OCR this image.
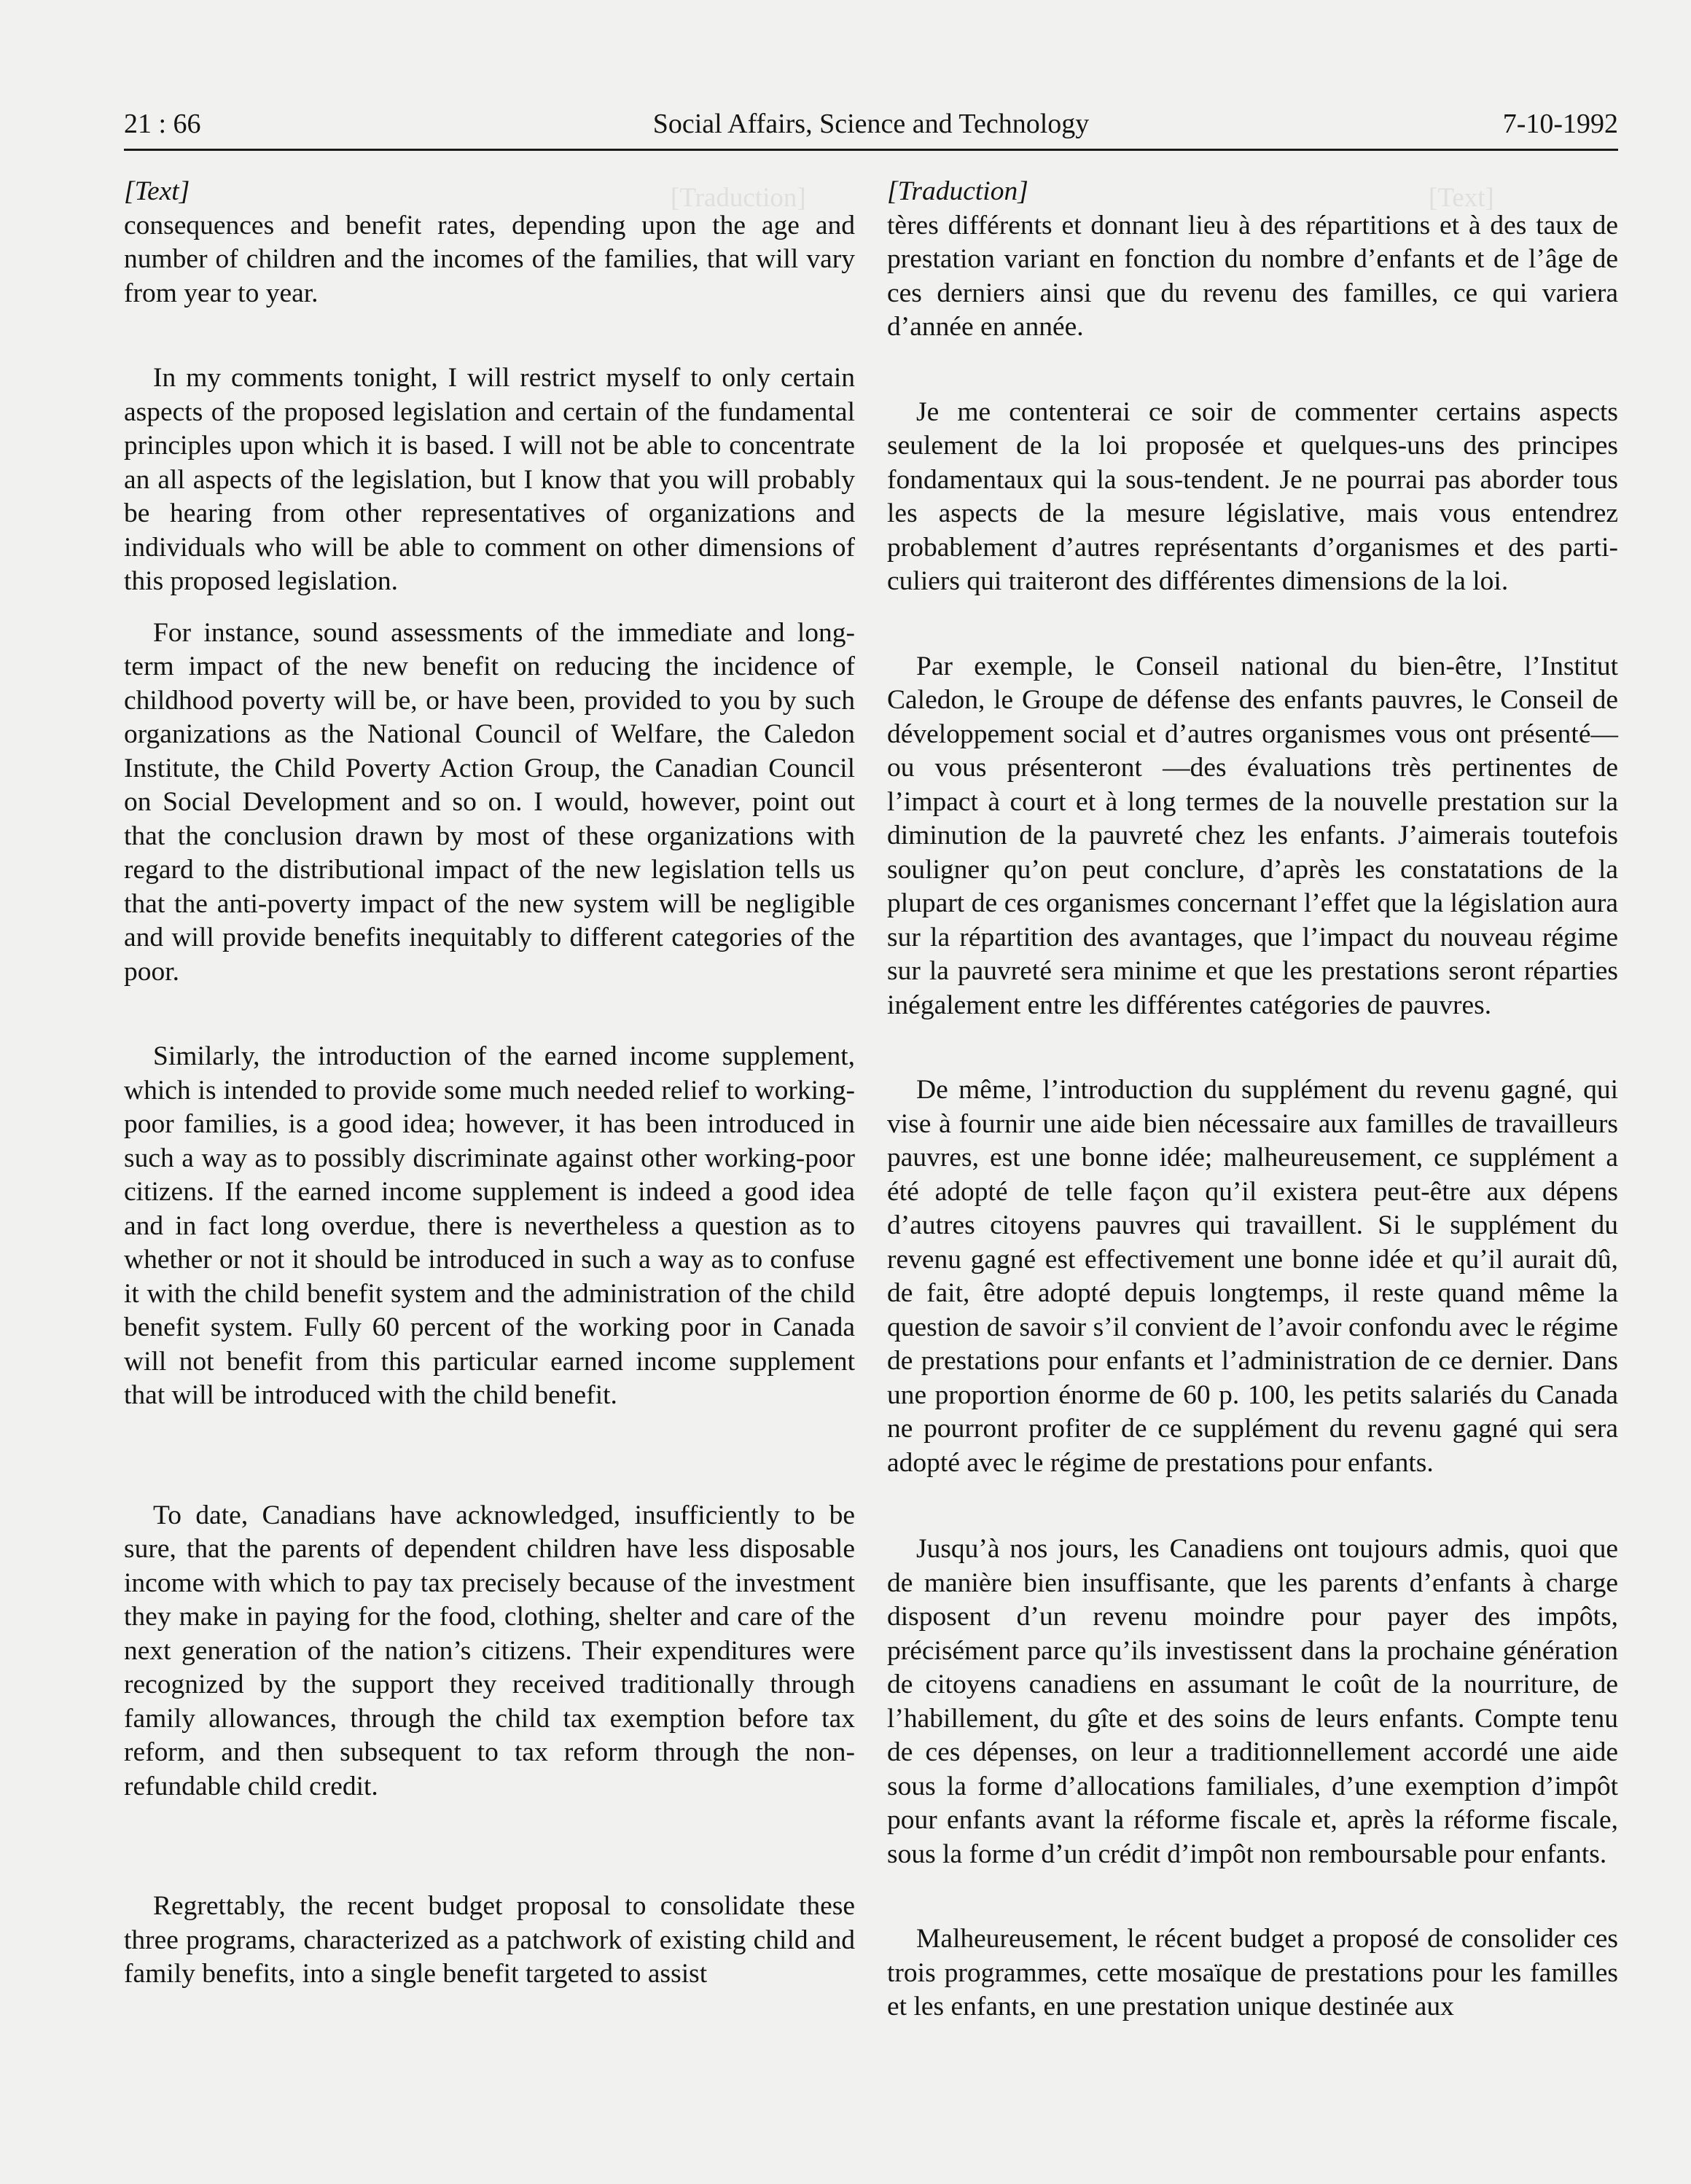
[Traduction]	[Text]
21 : 66	Social Affairs, Science and Technology	7-10-1992

[Text]

consequences and benefit rates, depending upon the age and number of children and the incomes of the families, that will vary from year to year.

In my comments tonight, I will restrict myself to only certain aspects of the proposed legislation and certain of the fundamental principles upon which it is based. I will not be able to concentrate an all aspects of the legislation, but I know that you will probably be hearing from other representatives of organizations and individuals who will be able to comment on other dimensions of this proposed legislation.

For instance, sound assessments of the immediate and long-term impact of the new benefit on reducing the incidence of childhood poverty will be, or have been, provided to you by such organizations as the National Council of Welfare, the Caledon Institute, the Child Poverty Action Group, the Canadian Council on Social Development and so on. I would, however, point out that the conclusion drawn by most of these organizations with regard to the distributional impact of the new legislation tells us that the anti-poverty impact of the new system will be negligible and will provide benefits inequitably to different categories of the poor.

Similarly, the introduction of the earned income supplement, which is intended to provide some much needed relief to working- poor families, is a good idea; however, it has been introduced in such a way as to possibly discriminate against other working-poor citizens. If the earned income supplement is indeed a good idea and in fact long overdue, there is nevertheless a question as to whether or not it should be introduced in such a way as to confuse it with the child benefit system and the administration of the child benefit system. Fully 60 percent of the working poor in Canada will not benefit from this particular earned income supplement that will be introduced with the child benefit.

To date, Canadians have acknowledged, insufficiently to be sure, that the parents of dependent children have less disposable income with which to pay tax precisely because of the investment they make in paying for the food, clothing, shelter and care of the next generation of the nation’s citizens. Their expenditures were recognized by the support they received traditionally through family allowances, through the child tax exemption before tax reform, and then subsequent to tax reform through the non-refundable child credit.

Regrettably, the recent budget proposal to consolidate these three programs, characterized as a patchwork of existing child and family benefits, into a single benefit targeted to assist

[Traduction]

tères différents et donnant lieu à des répartitions et à des taux de prestation variant en fonction du nombre d’enfants et de l’âge de ces derniers ainsi que du revenu des familles, ce qui variera d’année en année.

Je me contenterai ce soir de commenter certains aspects seulement de la loi proposée et quelques-uns des principes fondamentaux qui la sous-tendent. Je ne pourrai pas aborder tous les aspects de la mesure législative, mais vous entendrez probablement d’autres représentants d’organismes et des particuliers qui traiteront des différentes dimensions de la loi.

Par exemple, le Conseil national du bien-être, l’Institut Caledon, le Groupe de défense des enfants pauvres, le Conseil de développement social et d’autres organismes vous ont présenté—ou vous présenteront —des évaluations très pertinentes de l’impact à court et à long termes de la nouvelle prestation sur la diminution de la pauvreté chez les enfants. J’aimerais toutefois souligner qu’on peut conclure, d’après les constatations de la plupart de ces organismes concernant l’effet que la législation aura sur la répartition des avantages, que l’impact du nouveau régime sur la pauvreté sera minime et que les prestations seront réparties inégalement entre les différentes catégories de pauvres.

De même, l’introduction du supplément du revenu gagné, qui vise à fournir une aide bien nécessaire aux familles de travailleurs pauvres, est une bonne idée; malheureusement, ce supplément a été adopté de telle façon qu’il existera peut-être aux dépens d’autres citoyens pauvres qui travaillent. Si le supplément du revenu gagné est effectivement une bonne idée et qu’il aurait dû, de fait, être adopté depuis longtemps, il reste quand même la question de savoir s’il convient de l’avoir confondu avec le régime de prestations pour enfants et l’administration de ce dernier. Dans une proportion énorme de 60 p. 100, les petits salariés du Canada ne pourront profiter de ce supplément du revenu gagné qui sera adopté avec le régime de prestations pour enfants.

Jusqu’à nos jours, les Canadiens ont toujours admis, quoi que de manière bien insuffisante, que les parents d’enfants à charge disposent d’un revenu moindre pour payer des impôts, précisément parce qu’ils investissent dans la prochaine génération de citoyens canadiens en assumant le coût de la nourriture, de l’habillement, du gîte et des soins de leurs enfants. Compte tenu de ces dépenses, on leur a traditionnellement accordé une aide sous la forme d’allocations familiales, d’une exemption d’impôt pour enfants avant la réforme fiscale et, après la réforme fiscale, sous la forme d’un crédit d’impôt non remboursable pour enfants.

Malheureusement, le récent budget a proposé de consolider ces trois programmes, cette mosaïque de prestations pour les familles et les enfants, en une prestation unique destinée aux
